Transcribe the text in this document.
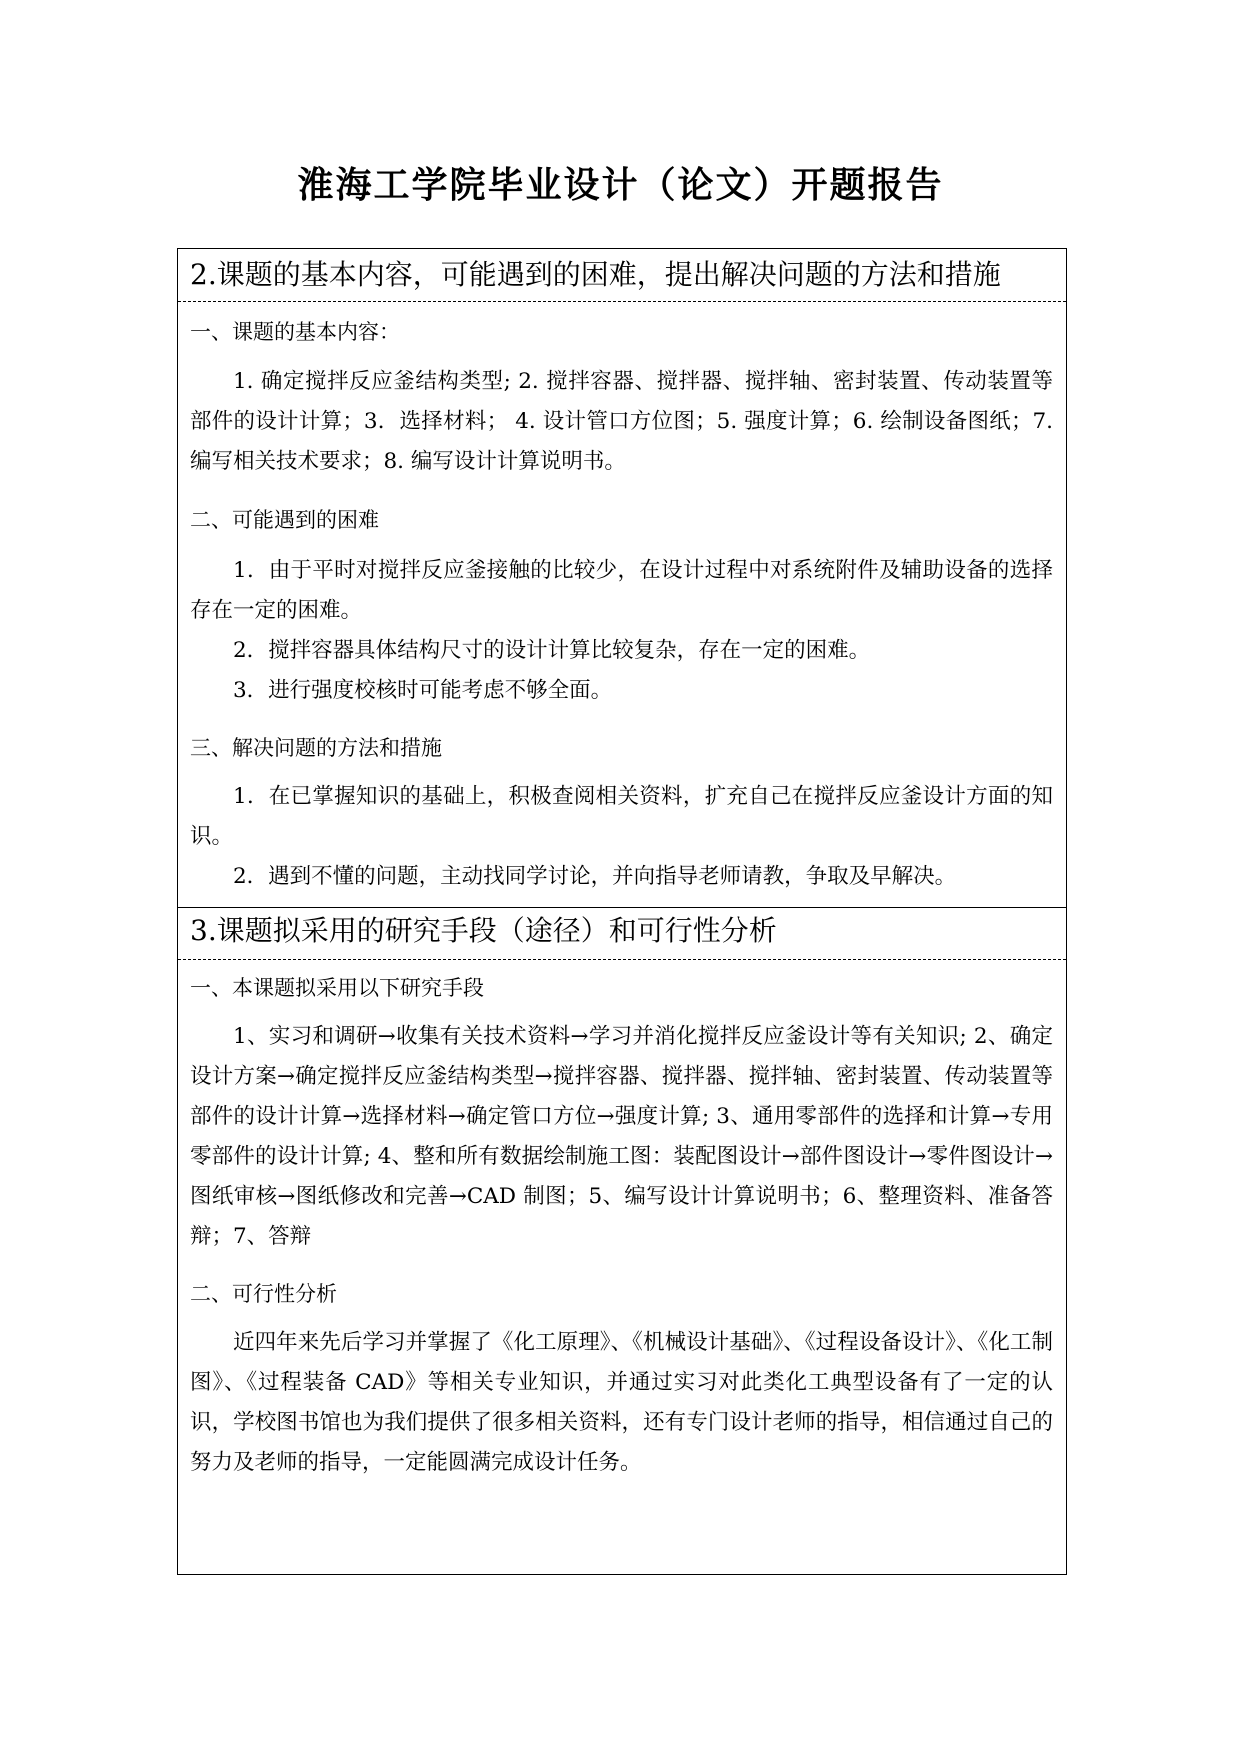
淮海工学院毕业设计（论文）开题报告
2.课题的基本内容，可能遇到的困难，提出解决问题的方法和措施

一、课题的基本内容：

1. 确定搅拌反应釜结构类型; 2. 搅拌容器、搅拌器、搅拌轴、密封装置、传动装置等部件的设计计算；3．选择材料； 4. 设计管口方位图；5. 强度计算；6. 绘制设备图纸；7. 编写相关技术要求；8. 编写设计计算说明书。

二、可能遇到的困难

1．由于平时对搅拌反应釜接触的比较少，在设计过程中对系统附件及辅助设备的选择存在一定的困难。

2．搅拌容器具体结构尺寸的设计计算比较复杂，存在一定的困难。

3．进行强度校核时可能考虑不够全面。

三、解决问题的方法和措施

1．在已掌握知识的基础上，积极查阅相关资料，扩充自己在搅拌反应釜设计方面的知识。

2．遇到不懂的问题，主动找同学讨论，并向指导老师请教，争取及早解决。

3.课题拟采用的研究手段（途径）和可行性分析

一、本课题拟采用以下研究手段

1、实习和调研→收集有关技术资料→学习并消化搅拌反应釜设计等有关知识; 2、确定设计方案→确定搅拌反应釜结构类型→搅拌容器、搅拌器、搅拌轴、密封装置、传动装置等部件的设计计算→选择材料→确定管口方位→强度计算; 3、通用零部件的选择和计算→专用零部件的设计计算; 4、整和所有数据绘制施工图：装配图设计→部件图设计→零件图设计→图纸审核→图纸修改和完善→CAD 制图；5、编写设计计算说明书；6、整理资料、准备答辩；7、答辩

二、可行性分析

近四年来先后学习并掌握了《化工原理》、《机械设计基础》、《过程设备设计》、《化工制图》、《过程装备 CAD》等相关专业知识，并通过实习对此类化工典型设备有了一定的认识，学校图书馆也为我们提供了很多相关资料，还有专门设计老师的指导，相信通过自己的努力及老师的指导，一定能圆满完成设计任务。
